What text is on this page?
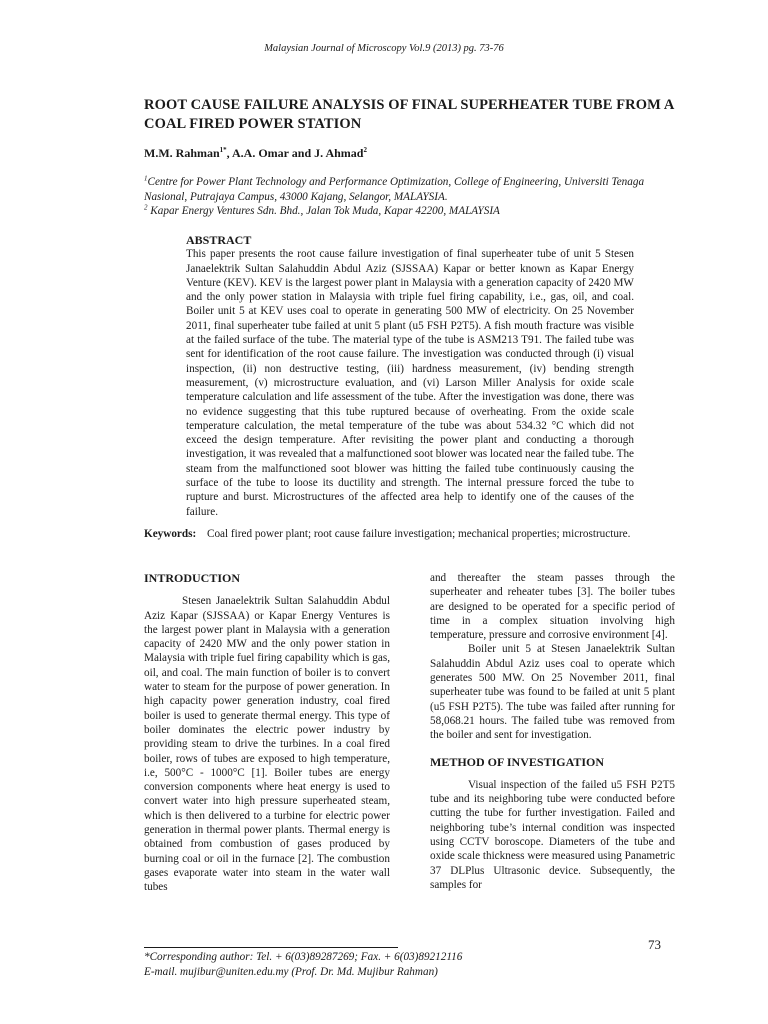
Malaysian Journal of Microscopy Vol.9 (2013) pg. 73-76
ROOT CAUSE FAILURE ANALYSIS OF FINAL SUPERHEATER TUBE FROM A COAL FIRED POWER STATION
M.M. Rahman$^{1*}$, A.A. Omar and J. Ahmad$^2$
$^1$Centre for Power Plant Technology and Performance Optimization, College of Engineering, Universiti Tenaga Nasional, Putrajaya Campus, 43000 Kajang, Selangor, MALAYSIA.
$^2$ Kapar Energy Ventures Sdn. Bhd., Jalan Tok Muda, Kapar 42200, MALAYSIA
ABSTRACT
This paper presents the root cause failure investigation of final superheater tube of unit 5 Stesen Janaelektrik Sultan Salahuddin Abdul Aziz (SJSSAA) Kapar or better known as Kapar Energy Venture (KEV). KEV is the largest power plant in Malaysia with a generation capacity of 2420 MW and the only power station in Malaysia with triple fuel firing capability, i.e., gas, oil, and coal. Boiler unit 5 at KEV uses coal to operate in generating 500 MW of electricity. On 25 November 2011, final superheater tube failed at unit 5 plant (u5 FSH P2T5). A fish mouth fracture was visible at the failed surface of the tube. The material type of the tube is ASM213 T91. The failed tube was sent for identification of the root cause failure. The investigation was conducted through (i) visual inspection, (ii) non destructive testing, (iii) hardness measurement, (iv) bending strength measurement, (v) microstructure evaluation, and (vi) Larson Miller Analysis for oxide scale temperature calculation and life assessment of the tube. After the investigation was done, there was no evidence suggesting that this tube ruptured because of overheating. From the oxide scale temperature calculation, the metal temperature of the tube was about 534.32 °C which did not exceed the design temperature. After revisiting the power plant and conducting a thorough investigation, it was revealed that a malfunctioned soot blower was located near the failed tube. The steam from the malfunctioned soot blower was hitting the failed tube continuously causing the surface of the tube to loose its ductility and strength. The internal pressure forced the tube to rupture and burst. Microstructures of the affected area help to identify one of the causes of the failure.
Keywords: Coal fired power plant; root cause failure investigation; mechanical properties; microstructure.
INTRODUCTION

Stesen Janaelektrik Sultan Salahuddin Abdul Aziz Kapar (SJSSAA) or Kapar Energy Ventures is the largest power plant in Malaysia with a generation capacity of 2420 MW and the only power station in Malaysia with triple fuel firing capability which is gas, oil, and coal. The main function of boiler is to convert water to steam for the purpose of power generation. In high capacity power generation industry, coal fired boiler is used to generate thermal energy. This type of boiler dominates the electric power industry by providing steam to drive the turbines. In a coal fired boiler, rows of tubes are exposed to high temperature, i.e, 500°C - 1000°C [1]. Boiler tubes are energy conversion components where heat energy is used to convert water into high pressure superheated steam, which is then delivered to a turbine for electric power generation in thermal power plants. Thermal energy is obtained from combustion of gases produced by burning coal or oil in the furnace [2]. The combustion gases evaporate water into steam in the water wall tubes

and thereafter the steam passes through the superheater and reheater tubes [3]. The boiler tubes are designed to be operated for a specific period of time in a complex situation involving high temperature, pressure and corrosive environment [4].

Boiler unit 5 at Stesen Janaelektrik Sultan Salahuddin Abdul Aziz uses coal to operate which generates 500 MW. On 25 November 2011, final superheater tube was found to be failed at unit 5 plant (u5 FSH P2T5). The tube was failed after running for 58,068.21 hours. The failed tube was removed from the boiler and sent for investigation.

METHOD OF INVESTIGATION

Visual inspection of the failed u5 FSH P2T5 tube and its neighboring tube were conducted before cutting the tube for further investigation. Failed and neighboring tube’s internal condition was inspected using CCTV boroscope. Diameters of the tube and oxide scale thickness were measured using Panametric 37 DLPlus Ultrasonic device. Subsequently, the samples for

73
*Corresponding author: Tel. + 6(03)89287269; Fax. + 6(03)89212116
E-mail. mujibur@uniten.edu.my (Prof. Dr. Md. Mujibur Rahman)
